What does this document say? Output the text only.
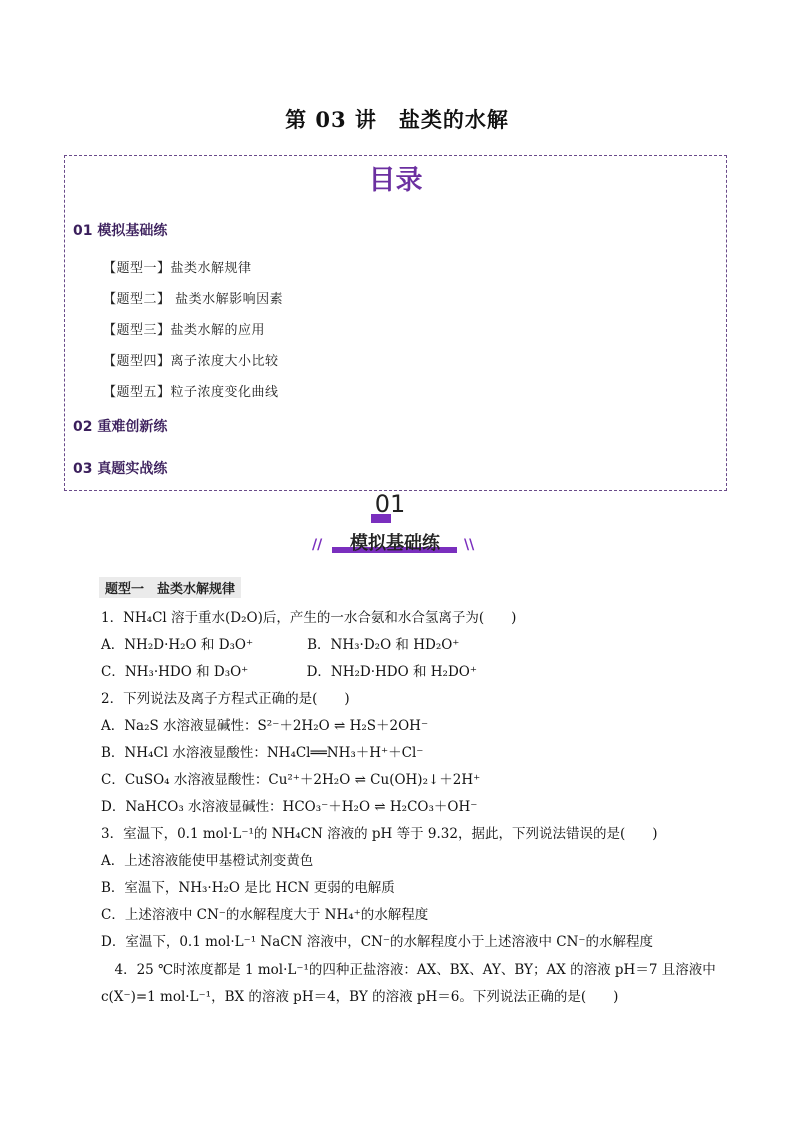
第 03 讲　盐类的水解
目录
01 模拟基础练
【题型一】盐类水解规律
【题型二】 盐类水解影响因素
【题型三】盐类水解的应用
【题型四】离子浓度大小比较
【题型五】粒子浓度变化曲线
02 重难创新练
03 真题实战练
01
//	模拟基础练	\\
题型一　盐类水解规律
1．NH₄Cl 溶于重水(D₂O)后，产生的一水合氨和水合氢离子为(　　)
A．NH₂D·H₂O 和 D₃O⁺　　　　B．NH₃·D₂O 和 HD₂O⁺
C．NH₃·HDO 和 D₃O⁺　　　　 D．NH₂D·HDO 和 H₂DO⁺
2．下列说法及离子方程式正确的是(　　)
A．Na₂S 水溶液显碱性：S²⁻＋2H₂O ⇌ H₂S＋2OH⁻
B．NH₄Cl 水溶液显酸性：NH₄Cl══NH₃＋H⁺＋Cl⁻
C．CuSO₄ 水溶液显酸性：Cu²⁺＋2H₂O ⇌ Cu(OH)₂↓＋2H⁺
D．NaHCO₃ 水溶液显碱性：HCO₃⁻＋H₂O ⇌ H₂CO₃＋OH⁻
3．室温下，0.1 mol·L⁻¹的 NH₄CN 溶液的 pH 等于 9.32，据此，下列说法错误的是(　　)
A．上述溶液能使甲基橙试剂变黄色
B．室温下，NH₃·H₂O 是比 HCN 更弱的电解质
C．上述溶液中 CN⁻的水解程度大于 NH₄⁺的水解程度
D．室温下，0.1 mol·L⁻¹ NaCN 溶液中，CN⁻的水解程度小于上述溶液中 CN⁻的水解程度
　4．25 ℃时浓度都是 1 mol·L⁻¹的四种正盐溶液：AX、BX、AY、BY；AX 的溶液 pH＝7 且溶液中
c(X⁻)=1 mol·L⁻¹，BX 的溶液 pH＝4，BY 的溶液 pH＝6。下列说法正确的是(　　)
